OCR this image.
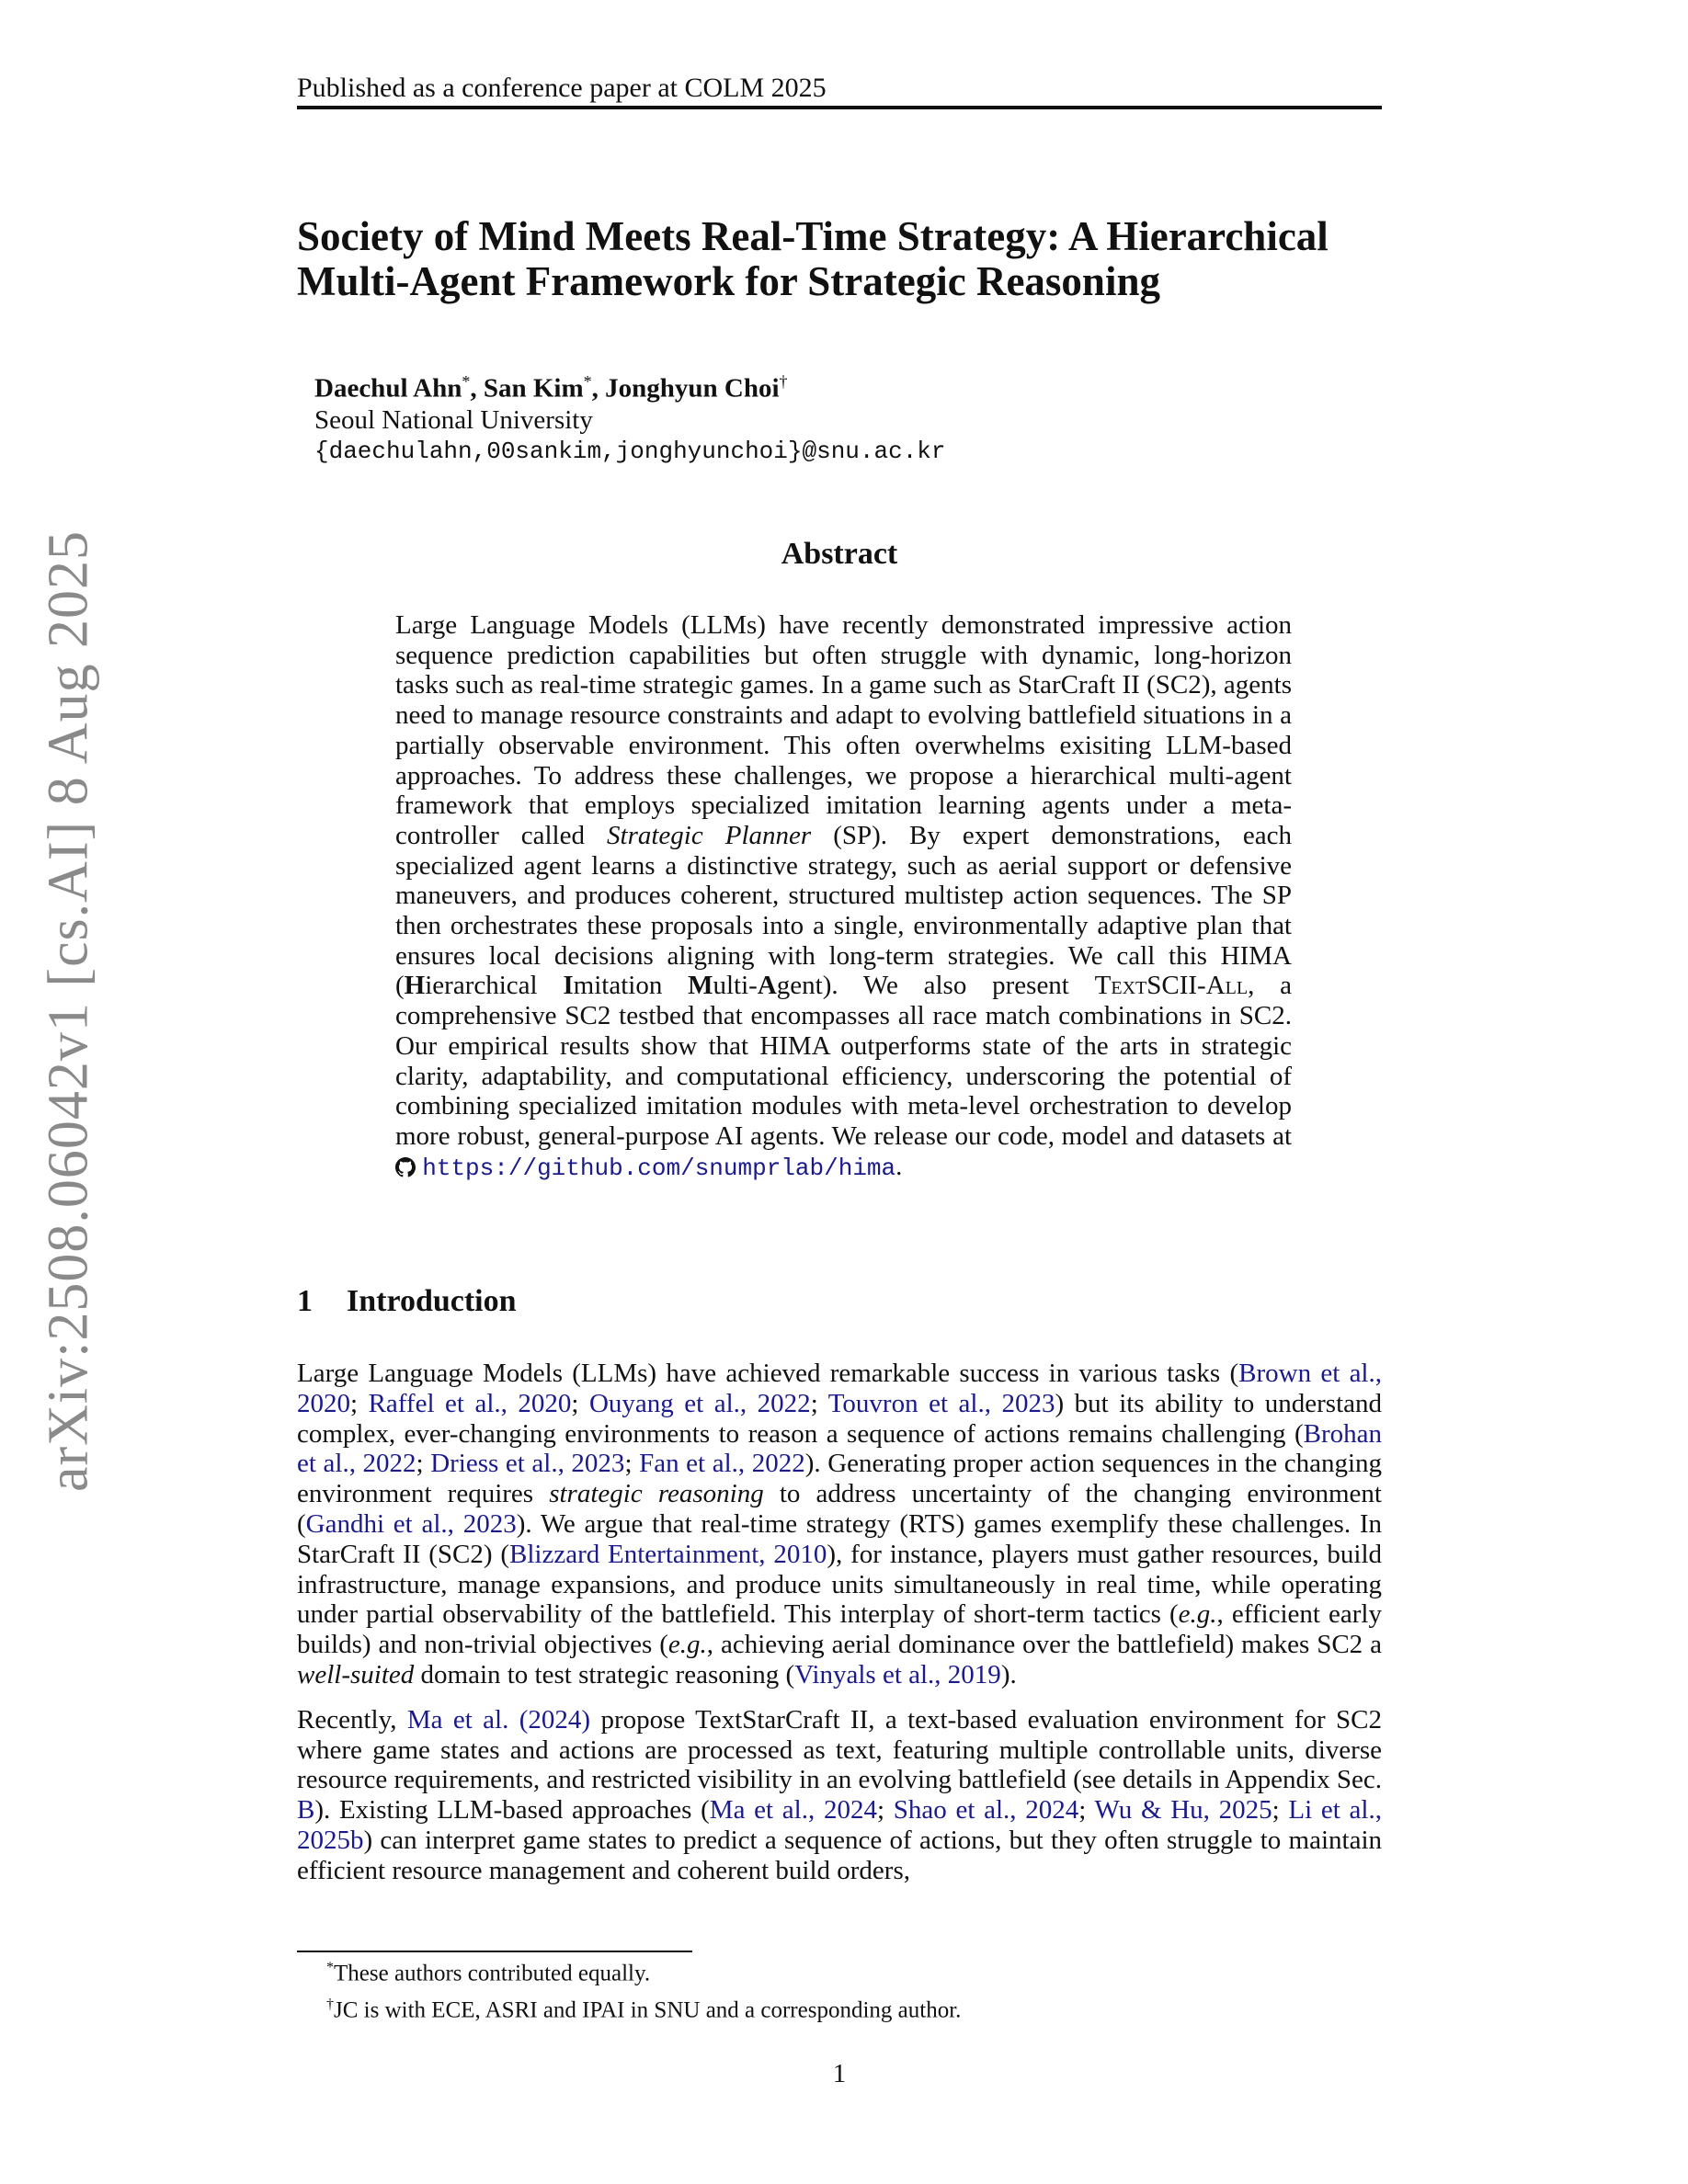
Published as a conference paper at COLM 2025
arXiv:2508.06042v1 [cs.AI] 8 Aug 2025
Society of Mind Meets Real-Time Strategy: A Hierarchical
Multi-Agent Framework for Strategic Reasoning
Daechul Ahn*, San Kim*, Jonghyun Choi†
Seoul National University
{daechulahn,00sankim,jonghyunchoi}@snu.ac.kr
Abstract
Large Language Models (LLMs) have recently demonstrated impressive action sequence prediction capabilities but often struggle with dynamic, long-horizon tasks such as real-time strategic games. In a game such as StarCraft II (SC2), agents need to manage resource constraints and adapt to evolving battlefield situations in a partially observable environment. This often overwhelms exisiting LLM-based approaches. To address these challenges, we propose a hierarchical multi-agent framework that employs specialized imitation learning agents under a meta-controller called Strategic Planner (SP). By expert demonstrations, each specialized agent learns a distinctive strategy, such as aerial support or defensive maneuvers, and produces coherent, structured multistep action sequences. The SP then orchestrates these proposals into a single, environmentally adaptive plan that ensures local decisions aligning with long-term strategies. We call this HIMA (Hierarchical Imitation Multi-Agent). We also present TextSCII-All, a comprehensive SC2 testbed that encompasses all race match combinations in SC2. Our empirical results show that HIMA outperforms state of the arts in strategic clarity, adaptability, and computational efficiency, underscoring the potential of combining specialized imitation modules with meta-level orchestration to develop more robust, general-purpose AI agents. We release our code, model and datasets at  https://github.com/snumprlab/hima.
1 Introduction

Large Language Models (LLMs) have achieved remarkable success in various tasks (Brown et al., 2020; Raffel et al., 2020; Ouyang et al., 2022; Touvron et al., 2023) but its ability to understand complex, ever-changing environments to reason a sequence of actions remains challenging (Brohan et al., 2022; Driess et al., 2023; Fan et al., 2022). Generating proper action sequences in the changing environment requires strategic reasoning to address uncertainty of the changing environment (Gandhi et al., 2023). We argue that real-time strategy (RTS) games exemplify these challenges. In StarCraft II (SC2) (Blizzard Entertainment, 2010), for instance, players must gather resources, build infrastructure, manage expansions, and produce units simultaneously in real time, while operating under partial observability of the battlefield. This interplay of short-term tactics (e.g., efficient early builds) and non-trivial objectives (e.g., achieving aerial dominance over the battlefield) makes SC2 a well-suited domain to test strategic reasoning (Vinyals et al., 2019).

Recently, Ma et al. (2024) propose TextStarCraft II, a text-based evaluation environment for SC2 where game states and actions are processed as text, featuring multiple controllable units, diverse resource requirements, and restricted visibility in an evolving battlefield (see details in Appendix Sec. B). Existing LLM-based approaches (Ma et al., 2024; Shao et al., 2024; Wu & Hu, 2025; Li et al., 2025b) can interpret game states to predict a sequence of actions, but they often struggle to maintain efficient resource management and coherent build orders,

*These authors contributed equally.
†JC is with ECE, ASRI and IPAI in SNU and a corresponding author.
1
